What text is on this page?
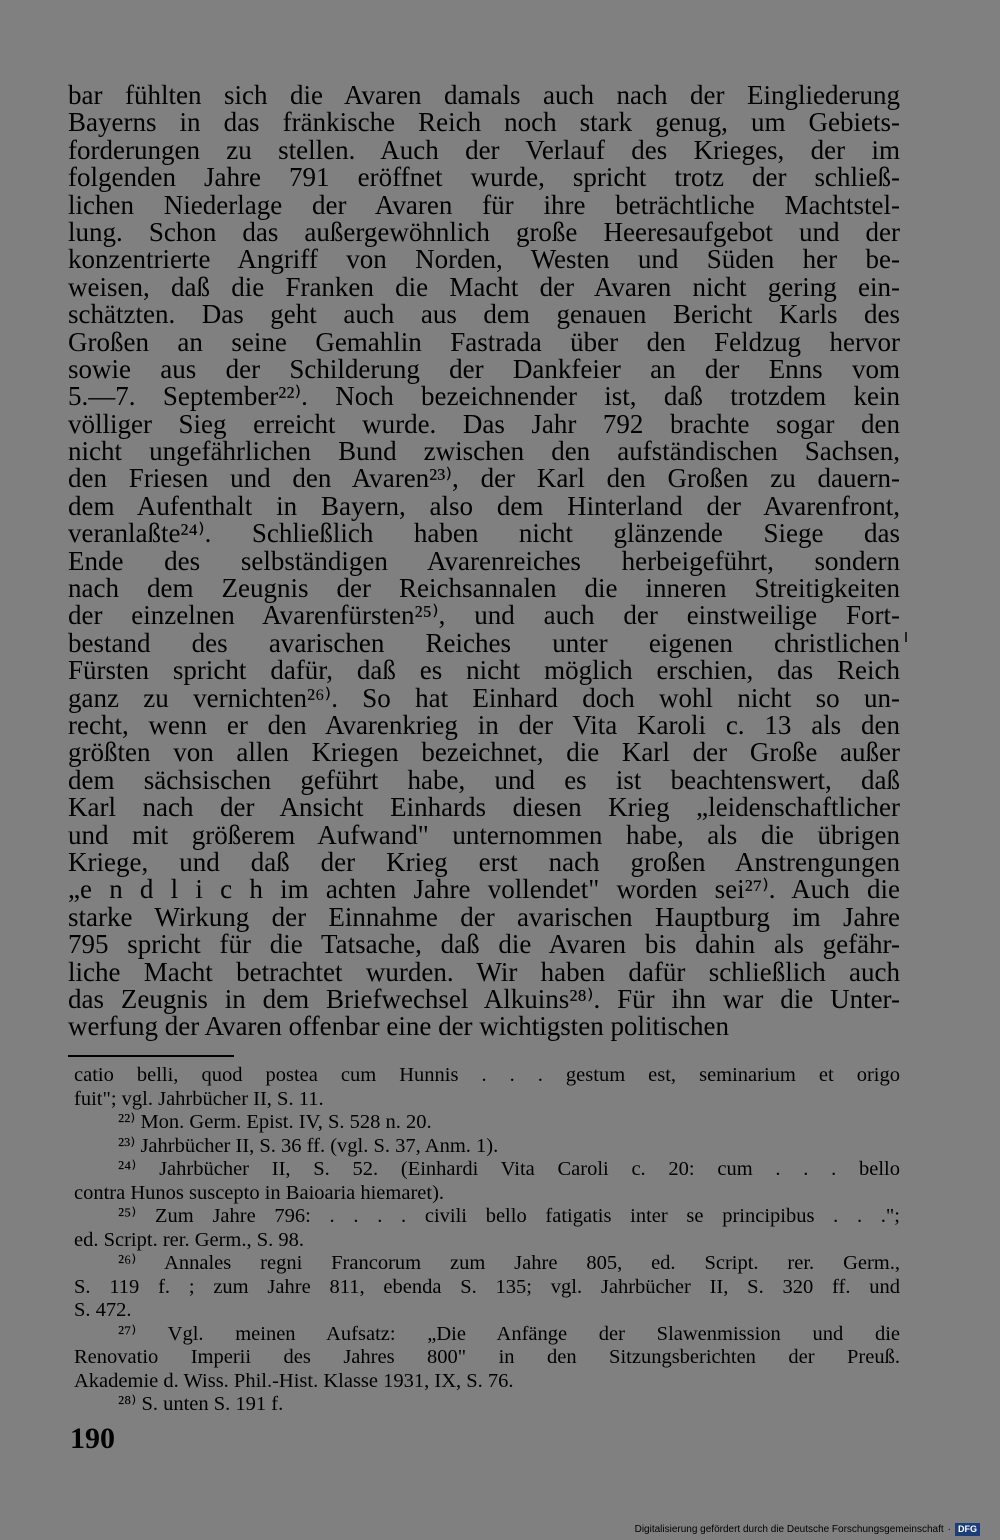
bar fühlten sich die Avaren damals auch nach der Eingliederung
Bayerns in das fränkische Reich noch stark genug, um Gebiets-
forderungen zu stellen. Auch der Verlauf des Krieges, der im
folgenden Jahre 791 eröffnet wurde, spricht trotz der schließ-
lichen Niederlage der Avaren für ihre beträchtliche Machtstel-
lung. Schon das außergewöhnlich große Heeresaufgebot und der
konzentrierte Angriff von Norden, Westen und Süden her be-
weisen, daß die Franken die Macht der Avaren nicht gering ein-
schätzten. Das geht auch aus dem genauen Bericht Karls des
Großen an seine Gemahlin Fastrada über den Feldzug hervor
sowie aus der Schilderung der Dankfeier an der Enns vom
5.—7. September²²⁾. Noch bezeichnender ist, daß trotzdem kein
völliger Sieg erreicht wurde. Das Jahr 792 brachte sogar den
nicht ungefährlichen Bund zwischen den aufständischen Sachsen,
den Friesen und den Avaren²³⁾, der Karl den Großen zu dauern-
dem Aufenthalt in Bayern, also dem Hinterland der Avarenfront,
veranlaßte²⁴⁾. Schließlich haben nicht glänzende Siege das
Ende des selbständigen Avarenreiches herbeigeführt, sondern
nach dem Zeugnis der Reichsannalen die inneren Streitigkeiten
der einzelnen Avarenfürsten²⁵⁾, und auch der einstweilige Fort-
bestand des avarischen Reiches unter eigenen christlichen
Fürsten spricht dafür, daß es nicht möglich erschien, das Reich
ganz zu vernichten²⁶⁾. So hat Einhard doch wohl nicht so un-
recht, wenn er den Avarenkrieg in der Vita Karoli c. 13 als den
größten von allen Kriegen bezeichnet, die Karl der Große außer
dem sächsischen geführt habe, und es ist beachtenswert, daß
Karl nach der Ansicht Einhards diesen Krieg „leidenschaftlicher
und mit größerem Aufwand" unternommen habe, als die übrigen
Kriege, und daß der Krieg erst nach großen Anstrengungen
„e n d l i c h im achten Jahre vollendet" worden sei²⁷⁾. Auch die
starke Wirkung der Einnahme der avarischen Hauptburg im Jahre
795 spricht für die Tatsache, daß die Avaren bis dahin als gefähr-
liche Macht betrachtet wurden. Wir haben dafür schließlich auch
das Zeugnis in dem Briefwechsel Alkuins²⁸⁾. Für ihn war die Unter-
werfung der Avaren offenbar eine der wichtigsten politischen
catio belli, quod postea cum Hunnis . . . gestum est, seminarium et origo
fuit"; vgl. Jahrbücher II, S. 11.
²²⁾ Mon. Germ. Epist. IV, S. 528 n. 20.
²³⁾ Jahrbücher II, S. 36 ff. (vgl. S. 37, Anm. 1).
²⁴⁾ Jahrbücher II, S. 52. (Einhardi Vita Caroli c. 20: cum . . . bello
contra Hunos suscepto in Baioaria hiemaret).
²⁵⁾ Zum Jahre 796: . . . . civili bello fatigatis inter se principibus . . .";
ed. Script. rer. Germ., S. 98.
²⁶⁾ Annales regni Francorum zum Jahre 805, ed. Script. rer. Germ.,
S. 119 f. ; zum Jahre 811, ebenda S. 135; vgl. Jahrbücher II, S. 320 ff. und
S. 472.
²⁷⁾ Vgl. meinen Aufsatz: „Die Anfänge der Slawenmission und die
Renovatio Imperii des Jahres 800" in den Sitzungsberichten der Preuß.
Akademie d. Wiss. Phil.-Hist. Klasse 1931, IX, S. 76.
²⁸⁾ S. unten S. 191 f.
190
Digitalisierung gefördert durch die Deutsche Forschungsgemeinschaft · DFG
